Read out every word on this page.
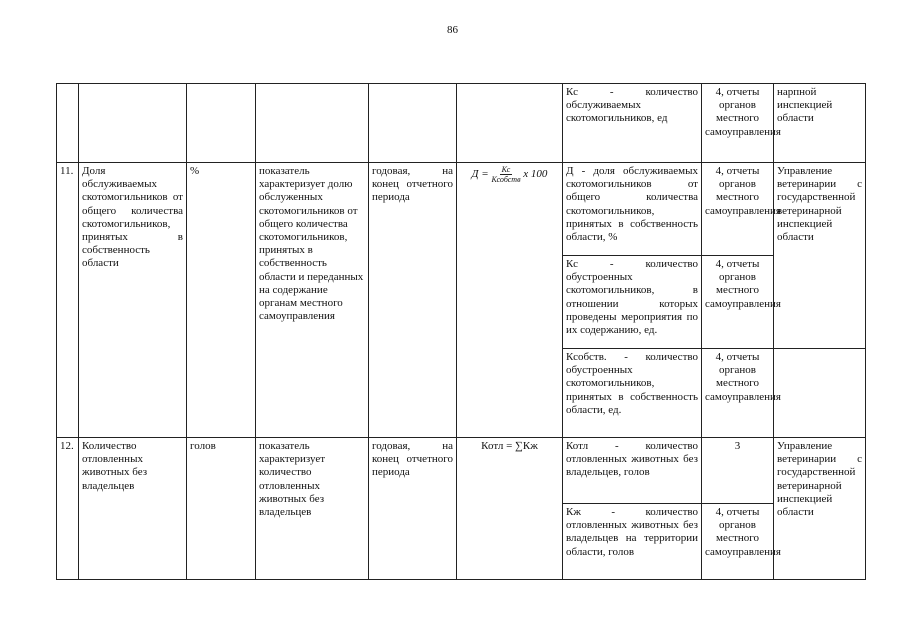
86
						Кс - количество обслуживаемых скотомогильников, ед	4, отчеты органов местного самоуправления	нарпной инспекцией области
11.	Доля обслуживаемых скотомогильников от общего количества скотомогильников, принятых в собственность области	%	показатель характеризует долю обслуженных скотомогильников от общего количества скотомогильников, принятых в собственность области и переданных на содержание органам местного самоуправления	годовая, на конец отчетного периода	$Д = \frac{Кс}{\text{Ксобств}}$ х 100	Д - доля обслуживаемых скотомогильников от общего количества скотомогильников, принятых в собственность области, %	4, отчеты органов местного самоуправления	Управление ветеринарии с государственной ветеринарной инспекцией области
						Кс - количество обустроенных скотомогильников, в отношении которых проведены мероприятия по их содержанию, ед.	4, отчеты органов местного самоуправления	
						Ксобств. - количество обустроенных скотомогильников, принятых в собственность области, ед.	4, отчеты органов местного самоуправления	
12.	Количество отловленных животных без владельцев	голов	показатель характеризует количество отловленных животных без владельцев	годовая, на конец отчетного периода	Котл = ∑Кж	Котл - количество отловленных животных без владельцев, голов	3	Управление ветеринарии с государственной ветеринарной инспекцией области
						Кж - количество отловленных животных без владельцев на территории области, голов	4, отчеты органов местного самоуправления	
